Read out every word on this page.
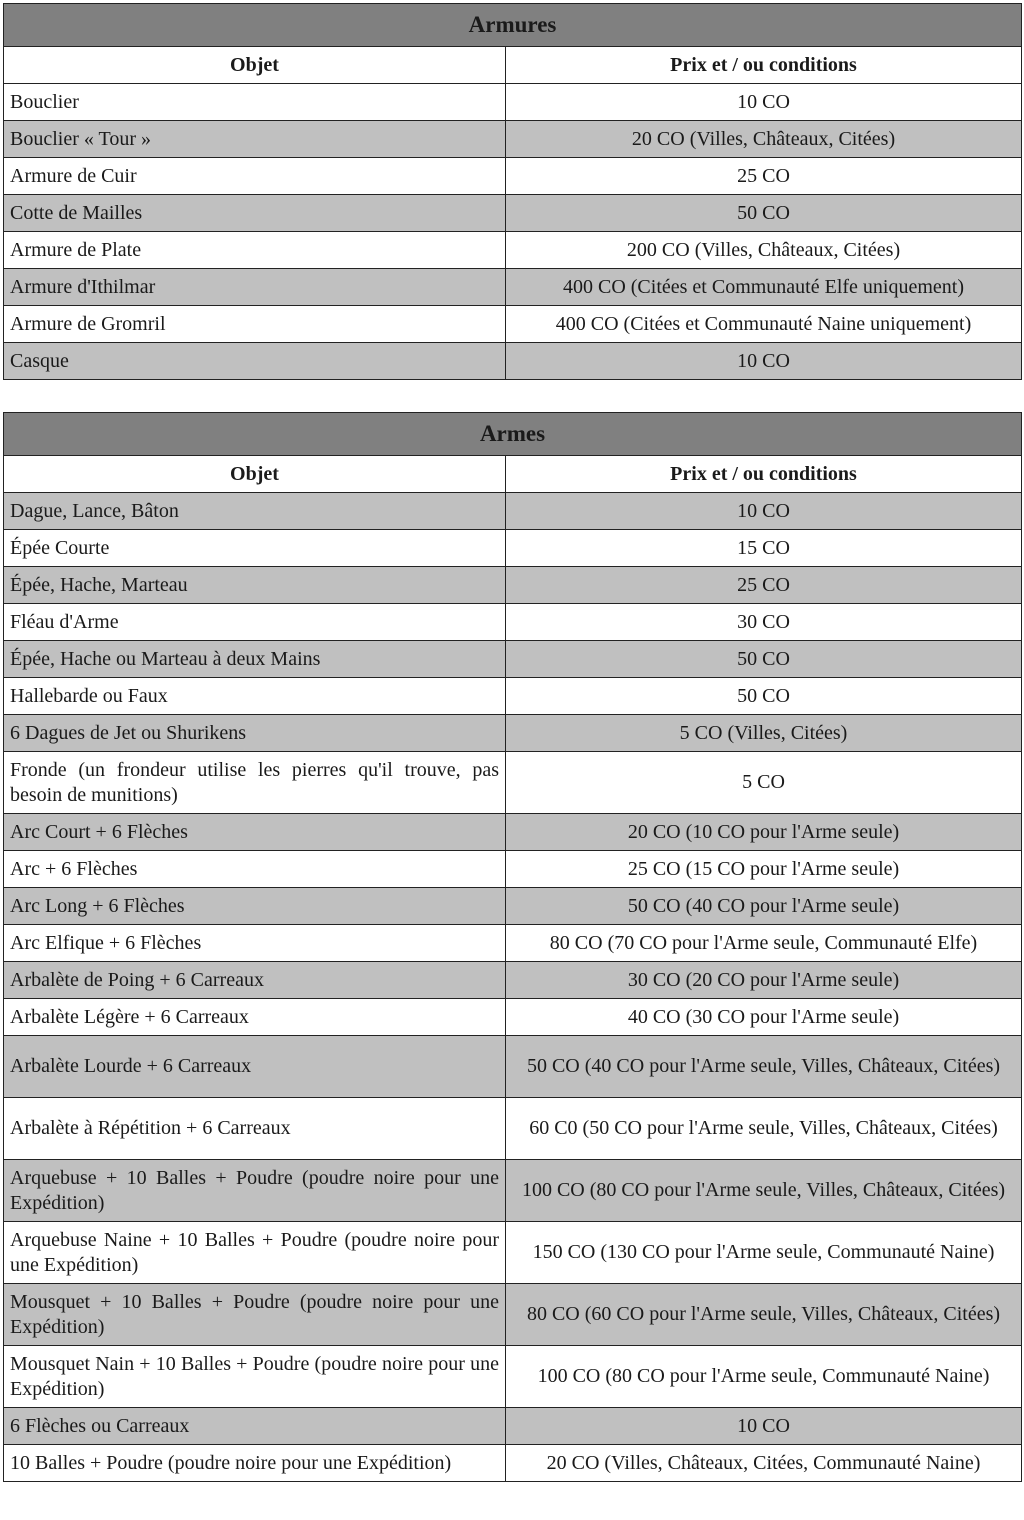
Armures	
Objet	Prix et / ou conditions
Bouclier	10 CO
Bouclier « Tour »	20 CO (Villes, Châteaux, Citées)
Armure de Cuir	25 CO
Cotte de Mailles	50 CO
Armure de Plate	200 CO (Villes, Châteaux, Citées)
Armure d'Ithilmar	400 CO (Citées et Communauté Elfe uniquement)
Armure de Gromril	400 CO (Citées et Communauté Naine uniquement)
Casque	10 CO
Armes	
Objet	Prix et / ou conditions
Dague, Lance, Bâton	10 CO
Épée Courte	15 CO
Épée, Hache, Marteau	25 CO
Fléau d'Arme	30 CO
Épée, Hache ou Marteau à deux Mains	50 CO
Hallebarde ou Faux	50 CO
6 Dagues de Jet ou Shurikens	5 CO (Villes, Citées)
Fronde (un frondeur utilise les pierres qu'il trouve, pas besoin de munitions)	5 CO
Arc Court + 6 Flèches	20 CO (10 CO pour l'Arme seule)
Arc + 6 Flèches	25 CO (15 CO pour l'Arme seule)
Arc Long + 6 Flèches	50 CO (40 CO pour l'Arme seule)
Arc Elfique + 6 Flèches	80 CO (70 CO pour l'Arme seule, Communauté Elfe)
Arbalète de Poing + 6 Carreaux	30 CO (20 CO pour l'Arme seule)
Arbalète Légère + 6 Carreaux	40 CO (30 CO pour l'Arme seule)
Arbalète Lourde + 6 Carreaux	50 CO (40 CO pour l'Arme seule, Villes, Châteaux, Citées)
Arbalète à Répétition + 6 Carreaux	60 C0 (50 CO pour l'Arme seule, Villes, Châteaux, Citées)
Arquebuse + 10 Balles + Poudre (poudre noire pour une Expédition)	100 CO (80 CO pour l'Arme seule, Villes, Châteaux, Citées)
Arquebuse Naine + 10 Balles + Poudre (poudre noire pour une Expédition)	150 CO (130 CO pour l'Arme seule, Communauté Naine)
Mousquet + 10 Balles + Poudre (poudre noire pour une Expédition)	80 CO (60 CO pour l'Arme seule, Villes, Châteaux, Citées)
Mousquet Nain + 10 Balles + Poudre (poudre noire pour une Expédition)	100 CO (80 CO pour l'Arme seule, Communauté Naine)
6 Flèches ou Carreaux	10 CO
10 Balles + Poudre (poudre noire pour une Expédition)	20 CO (Villes, Châteaux, Citées, Communauté Naine)
